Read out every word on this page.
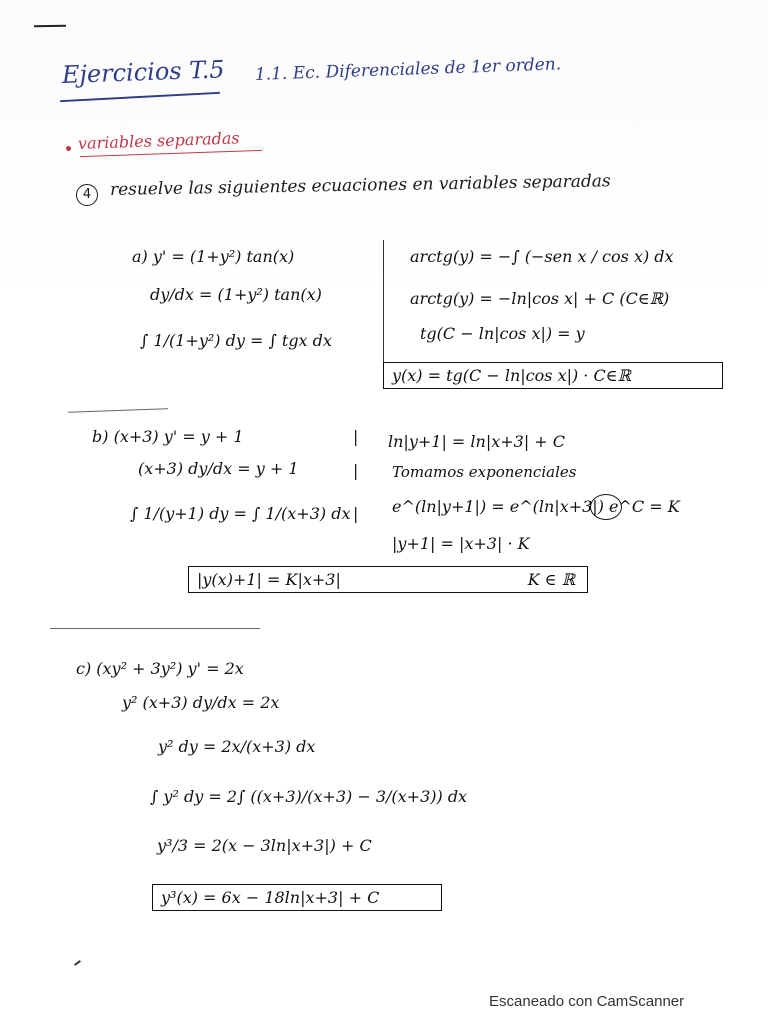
Ejercicios T.5 1.1. Ec. Diferenciales de 1er orden.
variables separadas
4	resuelve las siguientes ecuaciones en variables separadas
a) y' = (1+y²) tan(x)
dy/dx = (1+y²) tan(x)
∫ 1/(1+y²) dy = ∫ tgx dx
arctg(y) = −∫ (−sen x / cos x) dx
arctg(y) = −ln|cos x| + C (C∈ℝ)
tg(C − ln|cos x|) = y
y(x) = tg(C − ln|cos x|) · C∈ℝ
b) (x+3) y' = y + 1
(x+3) dy/dx = y + 1
∫ 1/(y+1) dy = ∫ 1/(x+3) dx
|
|
|
ln|y+1| = ln|x+3| + C
Tomamos exponenciales
e^(ln|y+1|) = e^(ln|x+3|) e^C = K
|y+1| = |x+3| · K
|y(x)+1| = K|x+3|	K ∈ ℝ
c) (xy² + 3y²) y' = 2x
y² (x+3) dy/dx = 2x
y² dy = 2x/(x+3) dx
∫ y² dy = 2∫ ((x+3)/(x+3) − 3/(x+3)) dx
y³/3 = 2(x − 3ln|x+3|) + C
y³(x) = 6x − 18ln|x+3| + C
Escaneado con CamScanner
